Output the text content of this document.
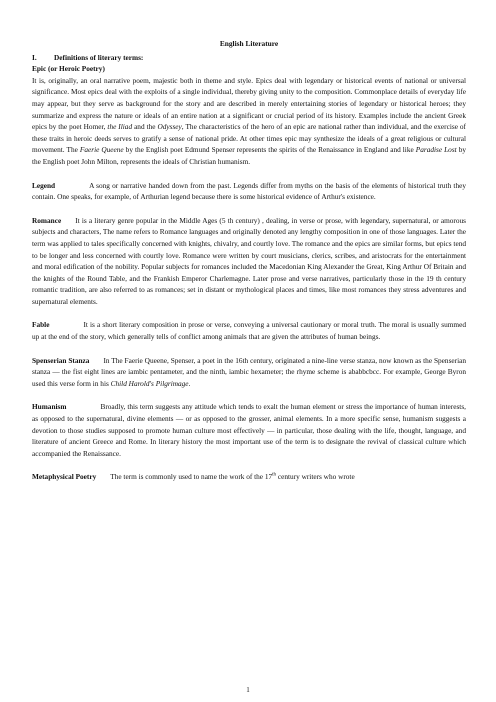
English Literature
I. Definitions of literary terms:
Epic (or Heroic Poetry)

It is, originally, an oral narrative poem, majestic both in theme and style. Epics deal with legendary or historical events of national or universal significance. Most epics deal with the exploits of a single individual, thereby giving unity to the composition. Commonplace details of everyday life may appear, but they serve as background for the story and are described in merely entertaining stories of legendary or historical heroes; they summarize and express the nature or ideals of an entire nation at a significant or crucial period of its history. Examples include the ancient Greek epics by the poet Homer, the Iliad and the Odyssey, The characteristics of the hero of an epic are national rather than individual, and the exercise of these traits in heroic deeds serves to gratify a sense of national pride. At other times epic may synthesize the ideals of a great religious or cultural movement. The Faerie Queene by the English poet Edmund Spenser represents the spirits of the Renaissance in England and like Paradise Lost by the English poet John Milton, represents the ideals of Christian humanism.

Legend	A song or narrative handed down from the past. Legends differ from myths on the basis of the elements of historical truth they contain. One speaks, for example, of Arthurian legend because there is some historical evidence of Arthur's existence.

Romance It is a literary genre popular in the Middle Ages (5 th century) , dealing, in verse or prose, with legendary, supernatural, or amorous subjects and characters, The name refers to Romance languages and originally denoted any lengthy composition in one of those languages. Later the term was applied to tales specifically concerned with knights, chivalry, and courtly love. The romance and the epics are similar forms, but epics tend to be longer and less concerned with courtly love. Romance were written by court musicians, clerics, scribes, and aristocrats for the entertainment and moral edification of the nobility. Popular subjects for romances included the Macedonian King Alexander the Great, King Arthur Of Britain and the knights of the Round Table, and the Frankish Emperor Charlemagne. Later prose and verse narratives, particularly those in the 19 th century romantic tradition, are also referred to as romances; set in distant or mythological places and times, like most romances they stress adventures and supernatural elements.

Fable	It is a short literary composition in prose or verse, conveying a universal cautionary or moral truth. The moral is usually summed up at the end of the story, which generally tells of conflict among animals that are given the attributes of human beings.

Spenserian Stanza In The Faerie Queene, Spenser, a poet in the 16th century, originated a nine-line verse stanza, now known as the Spenserian stanza — the fist eight lines are iambic pentameter, and the ninth, iambic hexameter; the rhyme scheme is ababbcbcc. For example, George Byron used this verse form in his Child Harold's Pilgrimage.

Humanism	Broadly, this term suggests any attitude which tends to exalt the human element or stress the importance of human interests, as opposed to the supernatural, divine elements — or as opposed to the grosser, animal elements. In a more specific sense, humanism suggests a devotion to those studies supposed to promote human culture most effectively — in particular, those dealing with the life, thought, language, and literature of ancient Greece and Rome. In literary history the most important use of the term is to designate the revival of classical culture which accompanied the Renaissance.

Metaphysical Poetry The term is commonly used to name the work of the 17th century writers who wrote

1
